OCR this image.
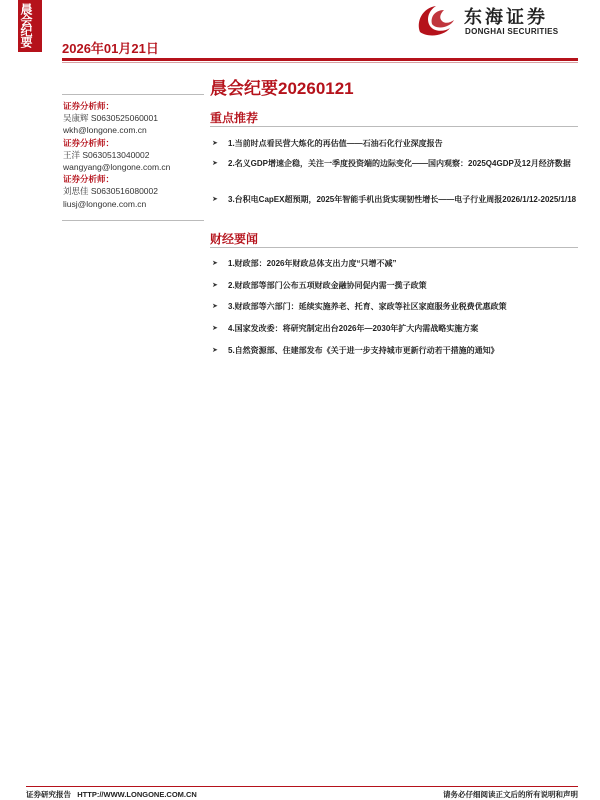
晨会纪要
2026年01月21日
东海证券
DONGHAI SECURITIES
晨会纪要20260121
证券分析师：
吴康辉 S0630525060001
wkh@longone.com.cn
证券分析师：
王洋 S0630513040002
wangyang@longone.com.cn
证券分析师：
刘思佳 S0630516080002
liusj@longone.com.cn
重点推荐
➤	1.当前时点看民营大炼化的再估值——石油石化行业深度报告
➤	2.名义GDP增速企稳，关注一季度投资端的边际变化——国内观察：2025Q4GDP及12月经济数据
➤	3.台积电CapEX超预期，2025年智能手机出货实现韧性增长——电子行业周报2026/1/12-2025/1/18
财经要闻
➤	1.财政部：2026年财政总体支出力度“只增不减”
➤	2.财政部等部门公布五项财政金融协同促内需一揽子政策
➤	3.财政部等六部门：延续实施养老、托育、家政等社区家庭服务业税费优惠政策
➤	4.国家发改委：将研究制定出台2026年—2030年扩大内需战略实施方案
➤	5.自然资源部、住建部发布《关于进一步支持城市更新行动若干措施的通知》
证券研究报告   HTTP://WWW.LONGONE.COM.CN	请务必仔细阅读正文后的所有说明和声明
